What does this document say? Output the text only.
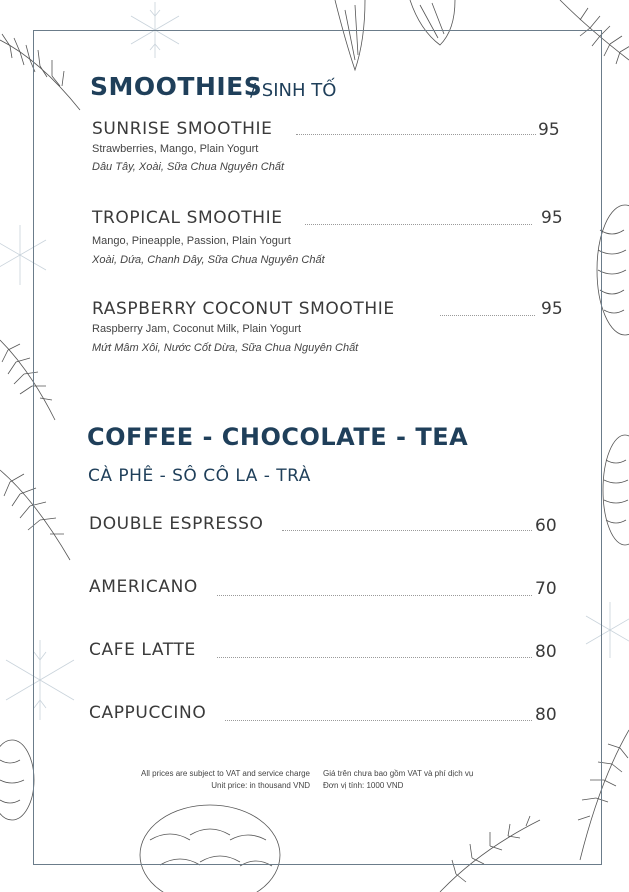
SMOOTHIES
/ SINH TỐ
SUNRISE SMOOTHIE	95
Strawberries, Mango, Plain Yogurt
Dâu Tây, Xoài, Sữa Chua Nguyên Chất
TROPICAL SMOOTHIE	95
Mango, Pineapple, Passion, Plain Yogurt
Xoài, Dứa, Chanh Dây, Sữa Chua Nguyên Chất
RASPBERRY COCONUT SMOOTHIE	95
Raspberry Jam, Coconut Milk, Plain Yogurt
Mứt Mâm Xôi, Nước Cốt Dừa, Sữa Chua Nguyên Chất
COFFEE - CHOCOLATE - TEA
CÀ PHÊ - SÔ CÔ LA - TRÀ
DOUBLE ESPRESSO	60
AMERICANO	70
CAFE LATTE	80
CAPPUCCINO	80
All prices are subject to VAT and service charge
Unit price: in thousand VND
Giá trên chưa bao gồm VAT và phí dịch vụ
Đơn vị tính: 1000 VND
